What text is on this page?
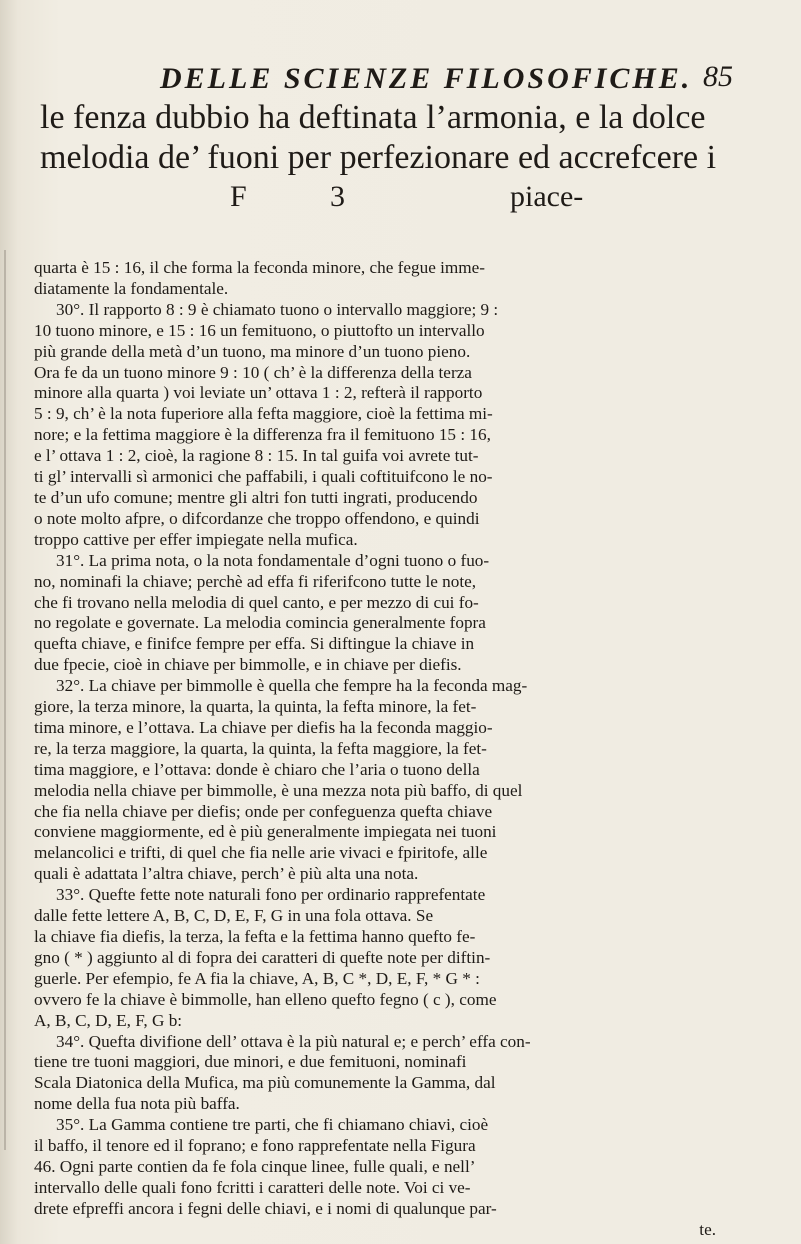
DELLE SCIENZE FILOSOFICHE. 85
le fenza dubbio ha deftinata l’armonia, e la dolce
melodia de’ fuoni per perfezionare ed accrefcere i
F	3	piace-
quarta è 15 : 16, il che forma la feconda minore, che fegue imme-
diatamente la fondamentale.
30°. Il rapporto 8 : 9 è chiamato tuono o intervallo maggiore; 9 :
10 tuono minore, e 15 : 16 un femituono, o piuttofto un intervallo
più grande della metà d’un tuono, ma minore d’un tuono pieno.
Ora fe da un tuono minore 9 : 10 ( ch’ è la differenza della terza
minore alla quarta ) voi leviate un’ ottava 1 : 2, refterà il rapporto
5 : 9, ch’ è la nota fuperiore alla fefta maggiore, cioè la fettima mi-
nore; e la fettima maggiore è la differenza fra il femituono 15 : 16,
e l’ ottava 1 : 2, cioè, la ragione 8 : 15. In tal guifa voi avrete tut-
ti gl’ intervalli sì armonici che paffabili, i quali coftituifcono le no-
te d’un ufo comune; mentre gli altri fon tutti ingrati, producendo
o note molto afpre, o difcordanze che troppo offendono, e quindi
troppo cattive per effer impiegate nella mufica.
31°. La prima nota, o la nota fondamentale d’ogni tuono o fuo-
no, nominafi la chiave; perchè ad effa fi riferifcono tutte le note,
che fi trovano nella melodia di quel canto, e per mezzo di cui fo-
no regolate e governate. La melodia comincia generalmente fopra
quefta chiave, e finifce fempre per effa. Si diftingue la chiave in
due fpecie, cioè in chiave per bimmolle, e in chiave per diefis.
32°. La chiave per bimmolle è quella che fempre ha la feconda mag-
giore, la terza minore, la quarta, la quinta, la fefta minore, la fet-
tima minore, e l’ottava. La chiave per diefis ha la feconda maggio-
re, la terza maggiore, la quarta, la quinta, la fefta maggiore, la fet-
tima maggiore, e l’ottava: donde è chiaro che l’aria o tuono della
melodia nella chiave per bimmolle, è una mezza nota più baffo, di quel
che fia nella chiave per diefis; onde per confeguenza quefta chiave
conviene maggiormente, ed è più generalmente impiegata nei tuoni
melancolici e trifti, di quel che fia nelle arie vivaci e fpiritofe, alle
quali è adattata l’altra chiave, perch’ è più alta una nota.
33°. Quefte fette note naturali fono per ordinario rapprefentate
dalle fette lettere A, B, C, D, E, F, G in una fola ottava. Se
la chiave fia diefis, la terza, la fefta e la fettima hanno quefto fe-
gno ( * ) aggiunto al di fopra dei caratteri di quefte note per diftin-
guerle. Per efempio, fe A fia la chiave, A, B, C *, D, E, F, * G * :
ovvero fe la chiave è bimmolle, han elleno quefto fegno ( c ), come
A, B, C, D, E, F, G b:
34°. Quefta divifione dell’ ottava è la più natural e; e perch’ effa con-
tiene tre tuoni maggiori, due minori, e due femituoni, nominafi
Scala Diatonica della Mufica, ma più comunemente la Gamma, dal
nome della fua nota più baffa.
35°. La Gamma contiene tre parti, che fi chiamano chiavi, cioè
il baffo, il tenore ed il foprano; e fono rapprefentate nella Figura
46. Ogni parte contien da fe fola cinque linee, fulle quali, e nell’
intervallo delle quali fono fcritti i caratteri delle note. Voi ci ve-
drete efpreffi ancora i fegni delle chiavi, e i nomi di qualunque par-
te.
